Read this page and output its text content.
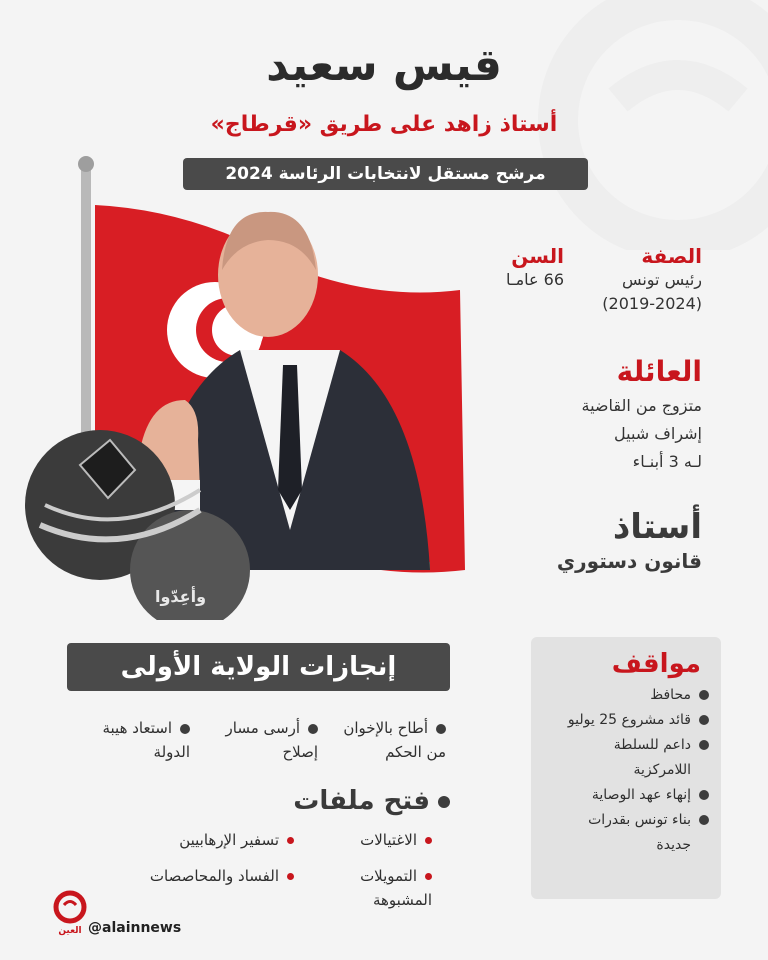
قيس سعيد
أستاذ زاهد على طريق «قرطاج»
مرشح مستقل لانتخابات الرئاسة 2024
وأعِدّوا
الصفة
رئيس تونس
(2019-2024)
السن
66 عامـا
العائلة
متزوج من القاضية
إشراف شبيل
لـه 3 أبنـاء
أستاذ
قانون دستوري
إنجازات الولاية الأولى
أطاح بالإخوان
من الحكم
أرسى مسار
إصلاح
استعاد هيبة
الدولة
فتح ملفات
الاغتيالات
تسفير الإرهابيين
التمويلات
المشبوهة
الفساد والمحاصصات
مواقف
محافظ
قائد مشروع 25 يوليو
داعم للسلطة
اللامركزية
إنهاء عهد الوصاية
بناء تونس بقدرات
جديدة
العين @alainnews
